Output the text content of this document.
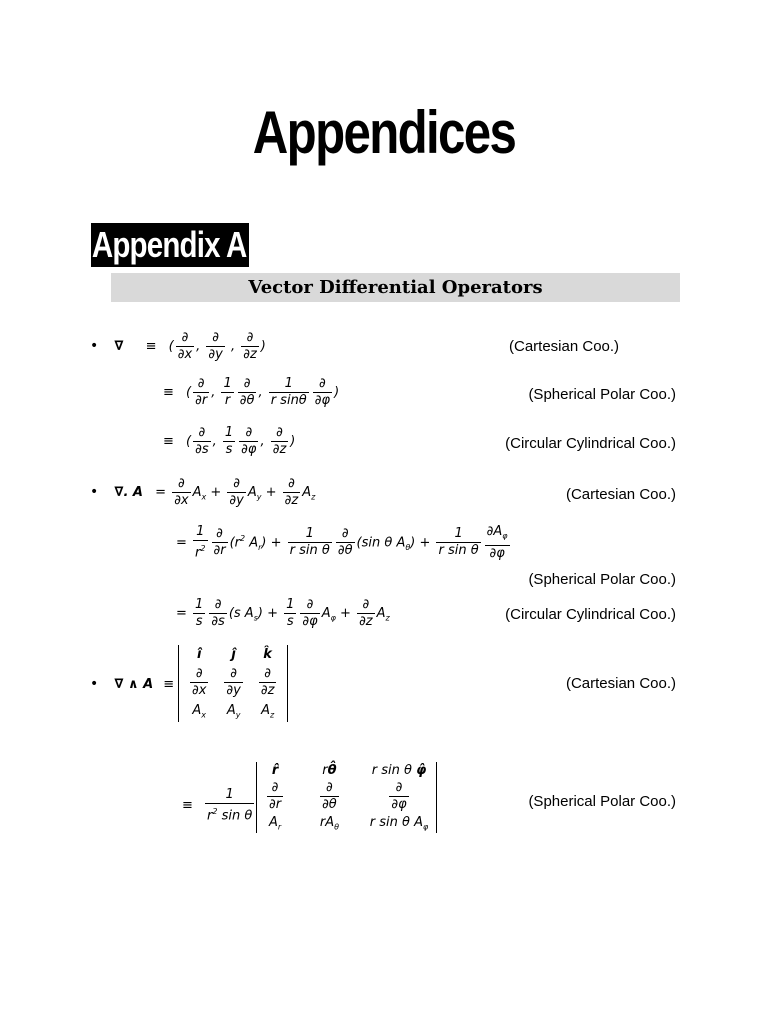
Appendices
Appendix A
Vector Differential Operators
• ∇ ≡ ( $\frac{\partial}{\partial x}$ , $\frac{\partial}{\partial y}$ , $\frac{\partial}{\partial z}$ )	(Cartesian Coo.)
≡ ( $\frac{\partial}{\partial r}$ , $\frac{1}{r} \frac{\partial}{\partial\theta}$ , $\frac{1}{\text{r sinθ}} \frac{\partial}{\partial\varphi}$ )	(Spherical Polar Coo.)
≡ ( $\frac{\partial}{\partial s}$ , $\frac{1}{s} \frac{\partial}{\partial\varphi}$ , $\frac{\partial}{\partial z}$ )	(Circular Cylindrical Coo.)
• ∇. $A = \frac{\partial}{\partial x} A_x + \frac{\partial}{\partial y} A_y + \frac{\partial}{\partial z} A_z$	(Cartesian Coo.)
= $\frac{1}{r^2} \frac{\partial}{\partial r} (r^2$ $A_r) + \frac{1}{\text{r sin θ}} \frac{\partial}{\partial\theta} (\sin$ θ $A_\theta) + \frac{1}{\text{r sin θ}} \frac{\partial A_\varphi}{\partial\varphi}$
(Spherical Polar Coo.)
= $\frac{1}{s} \frac{\partial}{\partial s} (s$ $A_s) + \frac{1}{s} \frac{\partial}{\partial\varphi} A_\varphi + \frac{\partial}{\partial z} A_z$	(Circular Cylindrical Coo.)
• ∇ ∧ A ≡
î	ĵ	k̂

$\frac{\partial}{\partial x}$	$\frac{\partial}{\partial y}$	$\frac{\partial}{\partial z}$

$A_x$	$A_y$	$A_z$
(Cartesian Coo.)
≡ $\frac{1}{r^2 \sin \theta}$
r̂	rθ̂	r sin θ φ̂

$\frac{\partial}{\partial r}$	$\frac{\partial}{\partial\theta}$	$\frac{\partial}{\partial\varphi}$

$A_r$	$rA_\theta$	r sin θ $A_\varphi$
(Spherical Polar Coo.)
